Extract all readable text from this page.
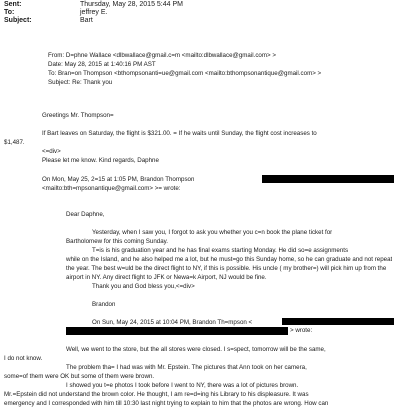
Sent:	Thursday, May 28, 2015 5:44 PM
To:	jeffrey E.
Subject:	Bart
From: D=phne Wallace <dlbwallace@gmail.c=m <mailto:dlbwallace@gmail.com> >
Date: May 28, 2015 at 1:40:16 PM AST
To: Bran=on Thompson <bthompsonanti=ue@gmail.com <mailto:bthompsonantique@gmail.com> >
Subject: Re: Thank you
Greetings Mr. Thompson=
If Bart leaves on Saturday, the flight is $321.00. = If he waits until Sunday, the flight cost increases to
$1,487.
<=div>
Please let me know. Kind regards, Daphne
On Mon, May 25, 2=15 at 1:05 PM, Brandon Thompson
<mailto:bth=mpsonantique@gmail.com> >= wrote:
Dear Daphne,
Yesterday, when I saw you, I forgot to ask you whether you c=n book the plane ticket for
Bartholomew for this coming Sunday.
T=is is his graduation year and he has final exams starting Monday. He did so=e assignments
while on the Island, and he also helped me a lot, but he must=go this Sunday home, so he can graduate and not repeat
the year. The best w=uld be the direct flight to NY, if this is possible. His uncle ( my brother=) will pick him up from the
airport in NY. Any direct flight to JFK or Newa=k Airport, NJ would be fine.
Thank you and God bless you,<=div>
Brandon
On Sun, May 24, 2015 at 10:04 PM, Brandon Th=mpson <
> wrote:
Well, we went to the store, but the all stores were closed. I s=spect, tomorrow will be the same,
I do not know.
The problem tha= I had was with Mr. Epstein. The pictures that Ann took on her camera,
some=of them were OK but some of them were brown.
I showed you t=e photos I took before I went to NY, there was a lot of pictures brown.
Mr.=Epstein did not understand the brown color. He thought, I am re=d=ing his Library to his displeasure. It was
emergency and I corresponded with him till 10:30 last night trying to explain to him that the photos are wrong. How can
